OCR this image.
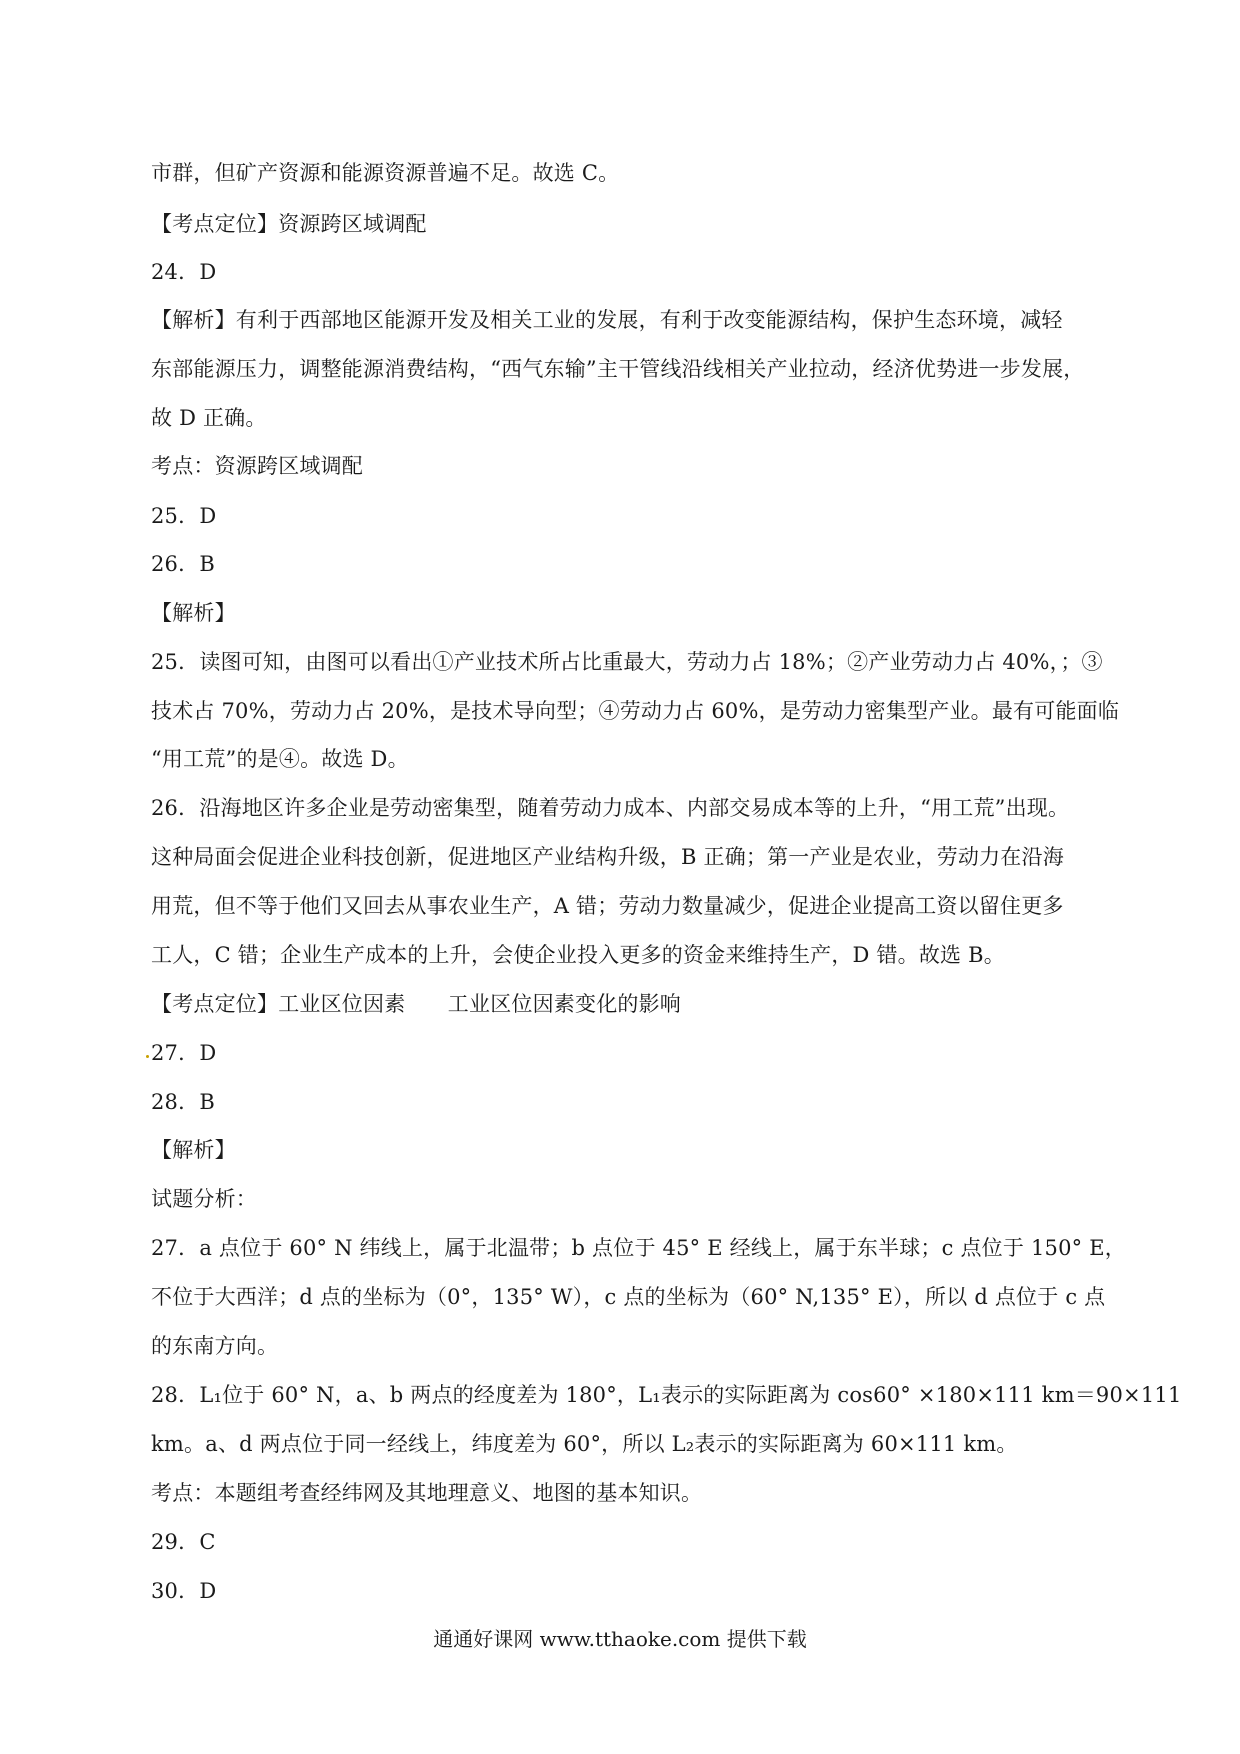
市群，但矿产资源和能源资源普遍不足。故选 C。
【考点定位】资源跨区域调配
24．D
【解析】有利于西部地区能源开发及相关工业的发展，有利于改变能源结构，保护生态环境，减轻
东部能源压力，调整能源消费结构，“西气东输”主干管线沿线相关产业拉动，经济优势进一步发展，
故 D 正确。
考点：资源跨区域调配
25．D
26．B
【解析】
25．读图可知，由图可以看出①产业技术所占比重最大，劳动力占 18%；②产业劳动力占 40%，；③
技术占 70%，劳动力占 20%，是技术导向型；④劳动力占 60%，是劳动力密集型产业。最有可能面临
“用工荒”的是④。故选 D。
26．沿海地区许多企业是劳动密集型，随着劳动力成本、内部交易成本等的上升，“用工荒”出现。
这种局面会促进企业科技创新，促进地区产业结构升级，B 正确；第一产业是农业，劳动力在沿海
用荒，但不等于他们又回去从事农业生产，A 错；劳动力数量减少，促进企业提高工资以留住更多
工人，C 错；企业生产成本的上升，会使企业投入更多的资金来维持生产，D 错。故选 B。
【考点定位】工业区位因素　　工业区位因素变化的影响
27．D
28．B
【解析】
试题分析：
27．a 点位于 60° N 纬线上，属于北温带；b 点位于 45° E 经线上，属于东半球；c 点位于 150° E，
不位于大西洋；d 点的坐标为（0°，135° W），c 点的坐标为（60° N,135° E），所以 d 点位于 c 点
的东南方向。
28．L₁位于 60° N，a、b 两点的经度差为 180°，L₁表示的实际距离为 cos60° ×180×111 km＝90×111
km。a、d 两点位于同一经线上，纬度差为 60°，所以 L₂表示的实际距离为 60×111 km。
考点：本题组考查经纬网及其地理意义、地图的基本知识。
29．C
30．D
通通好课网 www.tthaoke.com 提供下载
